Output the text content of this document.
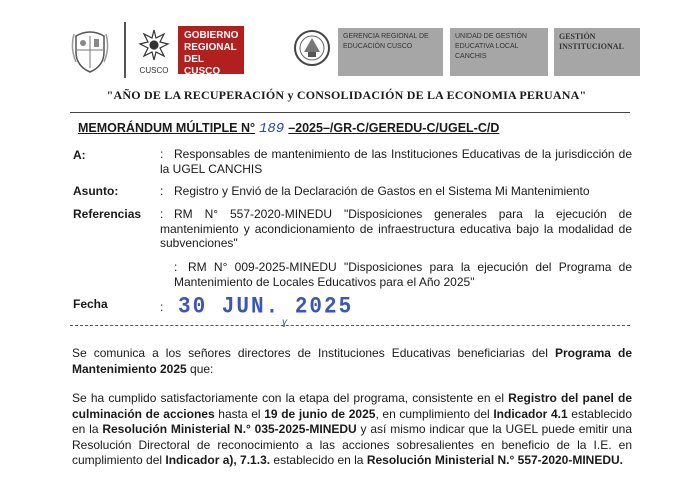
CUSCO
GOBIERNO
REGIONAL
DEL CUSCO
GERENCIA REGIONAL DE EDUCACIÓN CUSCO
UNIDAD DE GESTIÓN EDUCATIVA LOCAL CANCHIS
GESTIÓN INSTITUCIONAL
"AÑO DE LA RECUPERACIÓN y CONSOLIDACIÓN DE LA ECONOMIA PERUANA"
MEMORÁNDUM MÚLTIPLE N° 189 –2025–/GR-C/GEREDU-C/UGEL-C/D
A:	: Responsables de mantenimiento de las Instituciones Educativas de la jurisdicción de la UGEL CANCHIS
Asunto:	: Registro y Envió de la Declaración de Gastos en el Sistema Mi Mantenimiento
Referencias : RM N° 557-2020-MINEDU "Disposiciones generales para la ejecución de mantenimiento y acondicionamiento de infraestructura educativa bajo la modalidad de subvenciones"
: RM N° 009-2025-MINEDU "Disposiciones para la ejecución del Programa de Mantenimiento de Locales Educativos para el Año 2025"
Fecha	: 30 JUN. 2025
ɣ
Se comunica a los señores directores de Instituciones Educativas beneficiarias del Programa de Mantenimiento 2025 que:
Se ha cumplido satisfactoriamente con la etapa del programa, consistente en el Registro del panel de culminación de acciones hasta el 19 de junio de 2025, en cumplimiento del Indicador 4.1 establecido en la Resolución Ministerial N.° 035-2025-MINEDU y así mismo indicar que la UGEL puede emitir una Resolución Directoral de reconocimiento a las acciones sobresalientes en beneficio de la I.E. en cumplimiento del Indicador a), 7.1.3. establecido en la Resolución Ministerial N.° 557-2020-MINEDU.
